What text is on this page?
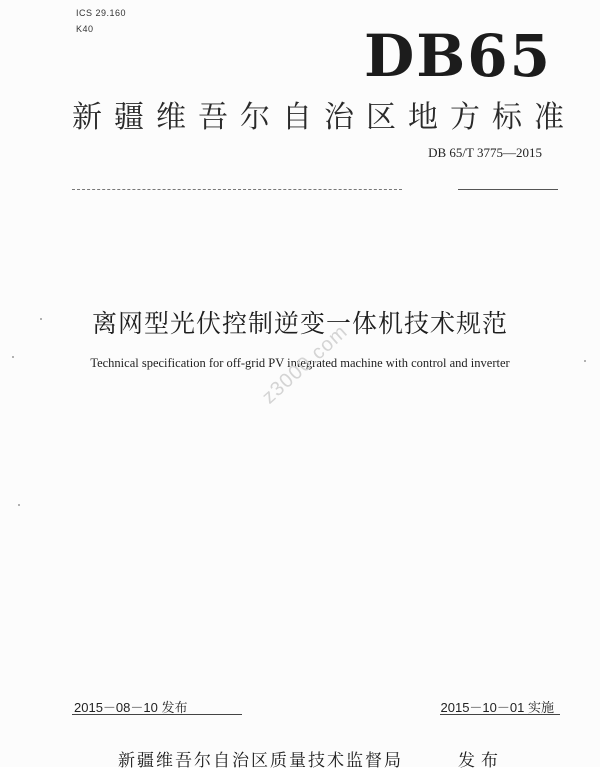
ICS 29.160
K40	DB65
新疆维吾尔自治区地方标准
DB 65/T 3775—2015
离网型光伏控制逆变一体机技术规范
Technical specification for off-grid PV integrated machine with control and inverter
z3000.com
2015－08－10 发布	2015－10－01 实施
新疆维吾尔自治区质量技术监督局	发布
